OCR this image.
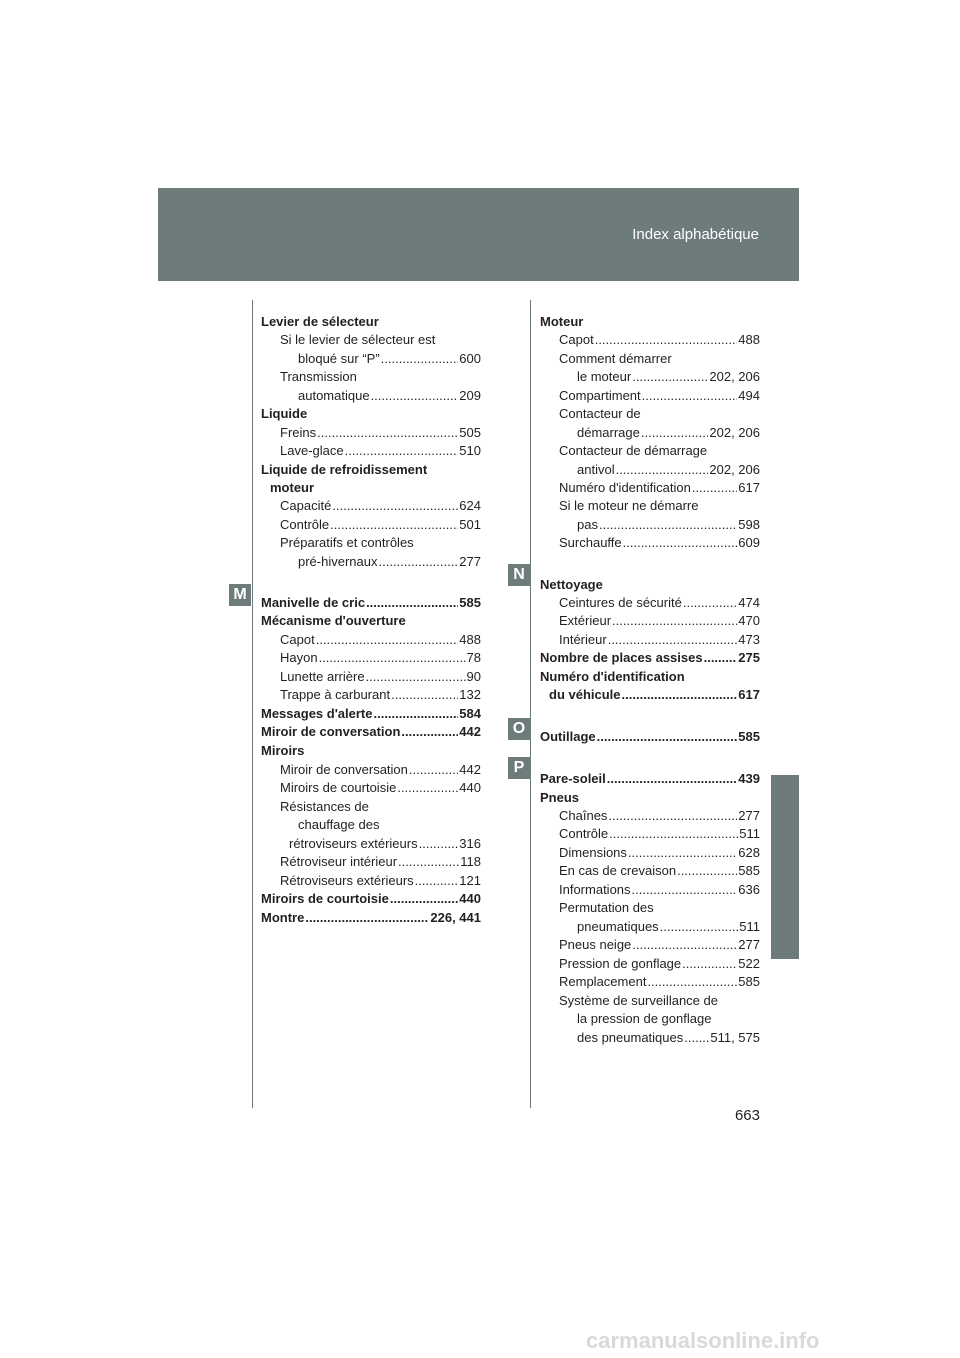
Index alphabétique
M
N
O
P
Levier de sélecteur
Si le levier de sélecteur est
bloqué sur “P” .....	600
Transmission
automatique .....	209
Liquide
Freins .....	505
Lave-glace .....	510
Liquide de refroidissement
moteur
Capacité .....	624
Contrôle .....	501
Préparatifs et contrôles
pré-hivernaux .....	277
Manivelle de cric .....	585
Mécanisme d'ouverture
Capot .....	488
Hayon .....	78
Lunette arrière .....	90
Trappe à carburant .....	132
Messages d'alerte .....	584
Miroir de conversation .....	442
Miroirs
Miroir de conversation .....	442
Miroirs de courtoisie .....	440
Résistances de
chauffage des
rétroviseurs extérieurs .....	316
Rétroviseur intérieur .....	118
Rétroviseurs extérieurs .....	121
Miroirs de courtoisie .....	440
Montre .....	226, 441
Moteur
Capot .....	488
Comment démarrer
le moteur .....	202, 206
Compartiment .....	494
Contacteur de
démarrage .....	202, 206
Contacteur de démarrage
antivol .....	202, 206
Numéro d'identification .....	617
Si le moteur ne démarre
pas .....	598
Surchauffe .....	609
Nettoyage
Ceintures de sécurité .....	474
Extérieur .....	470
Intérieur .....	473
Nombre de places assises .....	275
Numéro d'identification
du véhicule .....	617
Outillage .....	585
Pare-soleil .....	439
Pneus
Chaînes .....	277
Contrôle .....	511
Dimensions .....	628
En cas de crevaison .....	585
Informations .....	636
Permutation des
pneumatiques .....	511
Pneus neige .....	277
Pression de gonflage .....	522
Remplacement .....	585
Système de surveillance de
la pression de gonflage
des pneumatiques ..... 511, 575
663
carmanualsonline.info
